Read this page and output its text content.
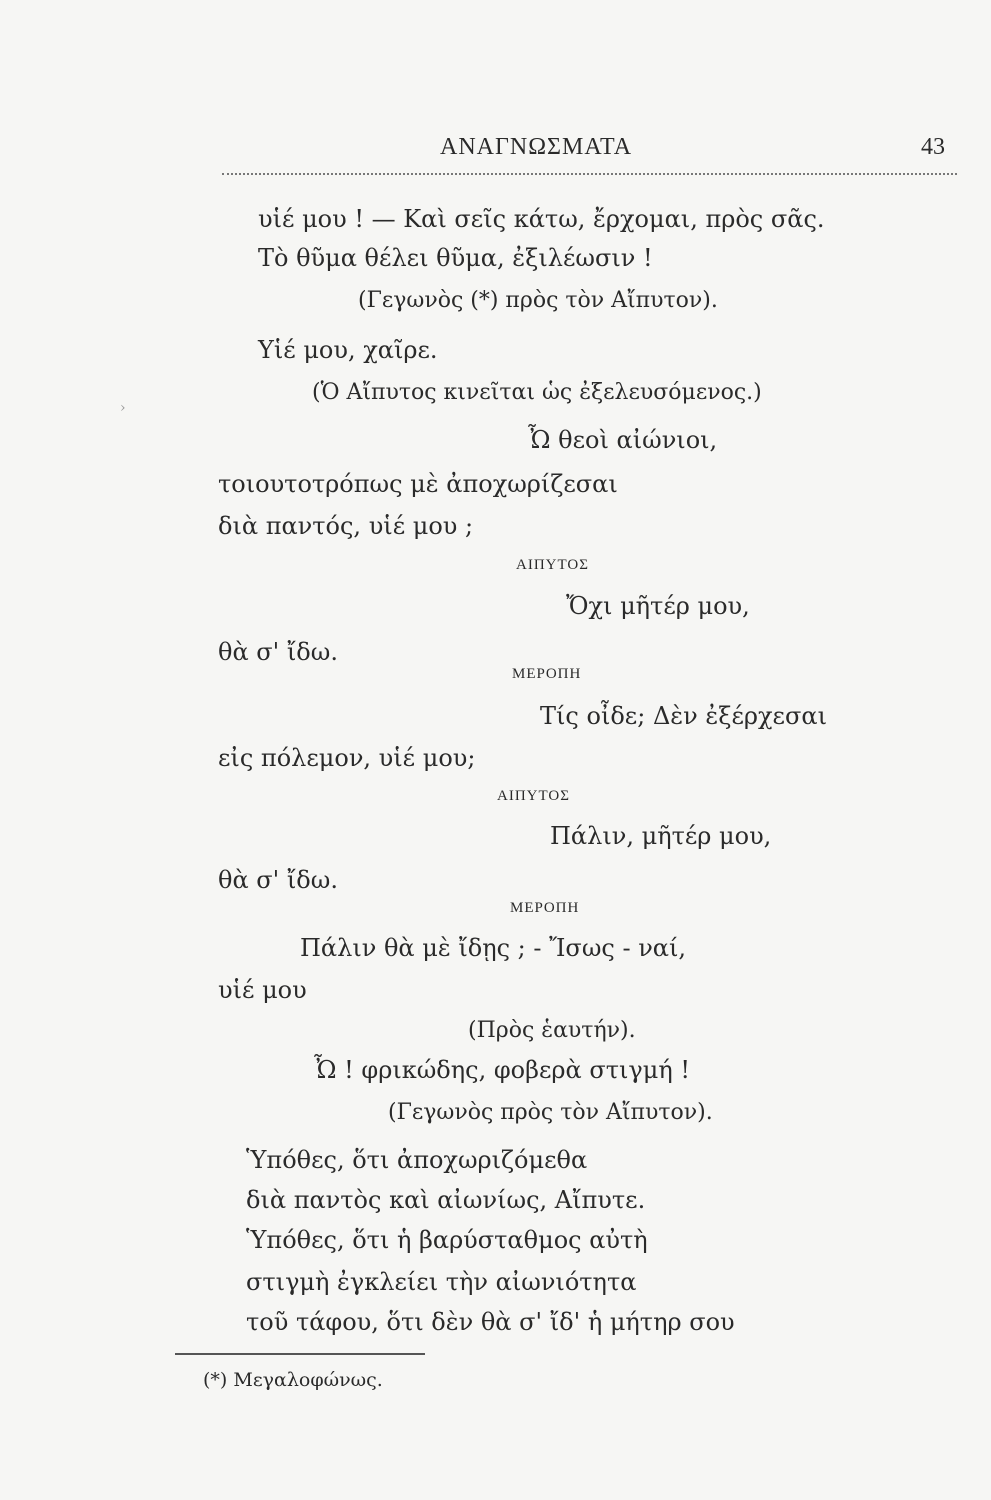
›
ΑΝΑΓΝΩΣΜΑΤΑ	43
υἱέ μου ! — Καὶ σεῖς κάτω, ἔρχομαι, πρὸς σᾶς.
Τὸ θῦμα θέλει θῦμα, ἐξιλέωσιν !
(Γεγωνὸς (*) πρὸς τὸν Αἴπυτον).
Υἱέ μου, χαῖρε.
(Ὁ Αἴπυτος κινεῖται ὡς ἐξελευσόμενος.)
Ὦ θεοὶ αἰώνιοι,
τοιουτοτρόπως μὲ ἀποχωρίζεσαι
διὰ παντός, υἱέ μου ;
ΑΙΠΥΤΟΣ
Ὄχι μῆτέρ μου,
θὰ σ' ἴδω.
ΜΕΡΟΠΗ
Τίς οἶδε; Δὲν ἐξέρχεσαι
εἰς πόλεμον, υἱέ μου;
ΑΙΠΥΤΟΣ
Πάλιν, μῆτέρ μου,
θὰ σ' ἴδω.
ΜΕΡΟΠΗ
Πάλιν θὰ μὲ ἴδῃς ; - Ἴσως - ναί,
υἱέ μου
(Πρὸς ἑαυτήν).
Ὦ ! φρικώδης, φοβερὰ στιγμή !
(Γεγωνὸς πρὸς τὸν Αἴπυτον).
Ὑπόθες, ὅτι ἀποχωριζόμεθα
διὰ παντὸς καὶ αἰωνίως, Αἴπυτε.
Ὑπόθες, ὅτι ἡ βαρύσταθμος αὐτὴ
στιγμὴ ἐγκλείει τὴν αἰωνιότητα
τοῦ τάφου, ὅτι δὲν θὰ σ' ἴδ' ἡ μήτηρ σου
(*) Μεγαλοφώνως.
